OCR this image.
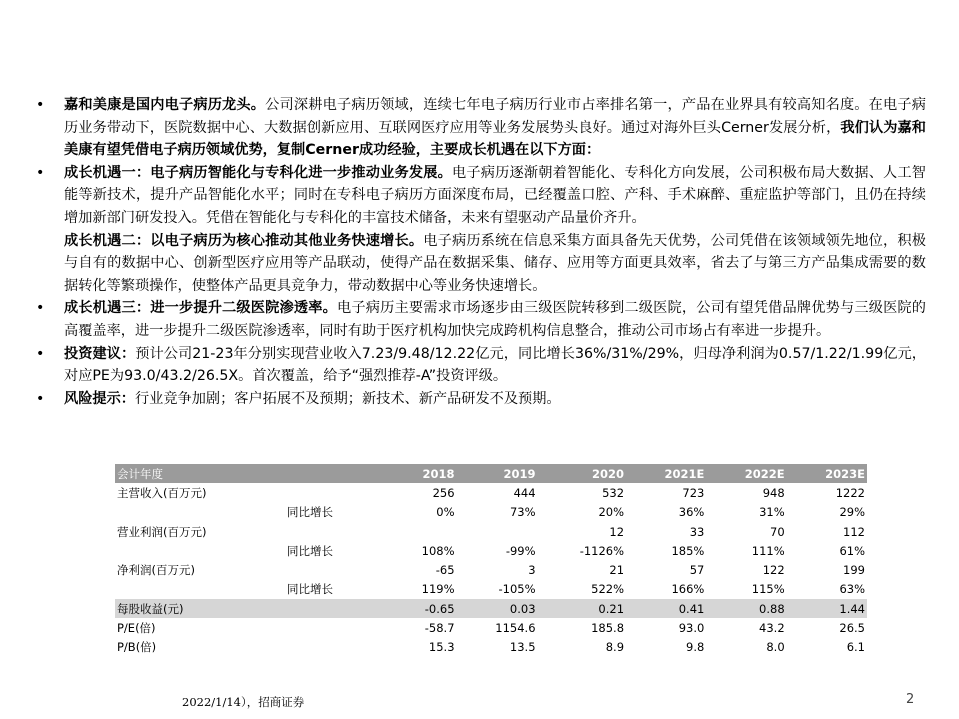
•	嘉和美康是国内电子病历龙头。公司深耕电子病历领域，连续七年电子病历行业市占率排名第一，产品在业界具有较高知名度。在电子病历业务带动下，医院数据中心、大数据创新应用、互联网医疗应用等业务发展势头良好。通过对海外巨头Cerner发展分析，我们认为嘉和美康有望凭借电子病历领域优势，复制Cerner成功经验，主要成长机遇在以下方面：
•	成长机遇一：电子病历智能化与专科化进一步推动业务发展。电子病历逐渐朝着智能化、专科化方向发展，公司积极布局大数据、人工智能等新技术，提升产品智能化水平；同时在专科电子病历方面深度布局，已经覆盖口腔、产科、手术麻醉、重症监护等部门，且仍在持续增加新部门研发投入。凭借在智能化与专科化的丰富技术储备，未来有望驱动产品量价齐升。
成长机遇二：以电子病历为核心推动其他业务快速增长。电子病历系统在信息采集方面具备先天优势，公司凭借在该领域领先地位，积极与自有的数据中心、创新型医疗应用等产品联动，使得产品在数据采集、储存、应用等方面更具效率，省去了与第三方产品集成需要的数据转化等繁琐操作，使整体产品更具竞争力，带动数据中心等业务快速增长。
•	成长机遇三：进一步提升二级医院渗透率。电子病历主要需求市场逐步由三级医院转移到二级医院，公司有望凭借品牌优势与三级医院的高覆盖率，进一步提升二级医院渗透率，同时有助于医疗机构加快完成跨机构信息整合，推动公司市场占有率进一步提升。
•	投资建议：预计公司21-23年分别实现营业收入7.23/9.48/12.22亿元，同比增长36%/31%/29%，归母净利润为0.57/1.22/1.99亿元，对应PE为93.0/43.2/26.5X。首次覆盖，给予“强烈推荐-A”投资评级。
•	风险提示：行业竞争加剧；客户拓展不及预期；新技术、新产品研发不及预期。
会计年度		2018	2019	2020	2021E	2022E	2023E
主营收入(百万元)		256	444	532	723	948	1222
	同比增长	0%	73%	20%	36%	31%	29%
营业利润(百万元)				12	33	70	112
	同比增长	108%	-99%	-1126%	185%	111%	61%
净利润(百万元)		-65	3	21	57	122	199
	同比增长	119%	-105%	522%	166%	115%	63%
每股收益(元)		-0.65	0.03	0.21	0.41	0.88	1.44
P/E(倍)		-58.7	1154.6	185.8	93.0	43.2	26.5
P/B(倍)		15.3	13.5	8.9	9.8	8.0	6.1
2022/1/14），招商证券	2
